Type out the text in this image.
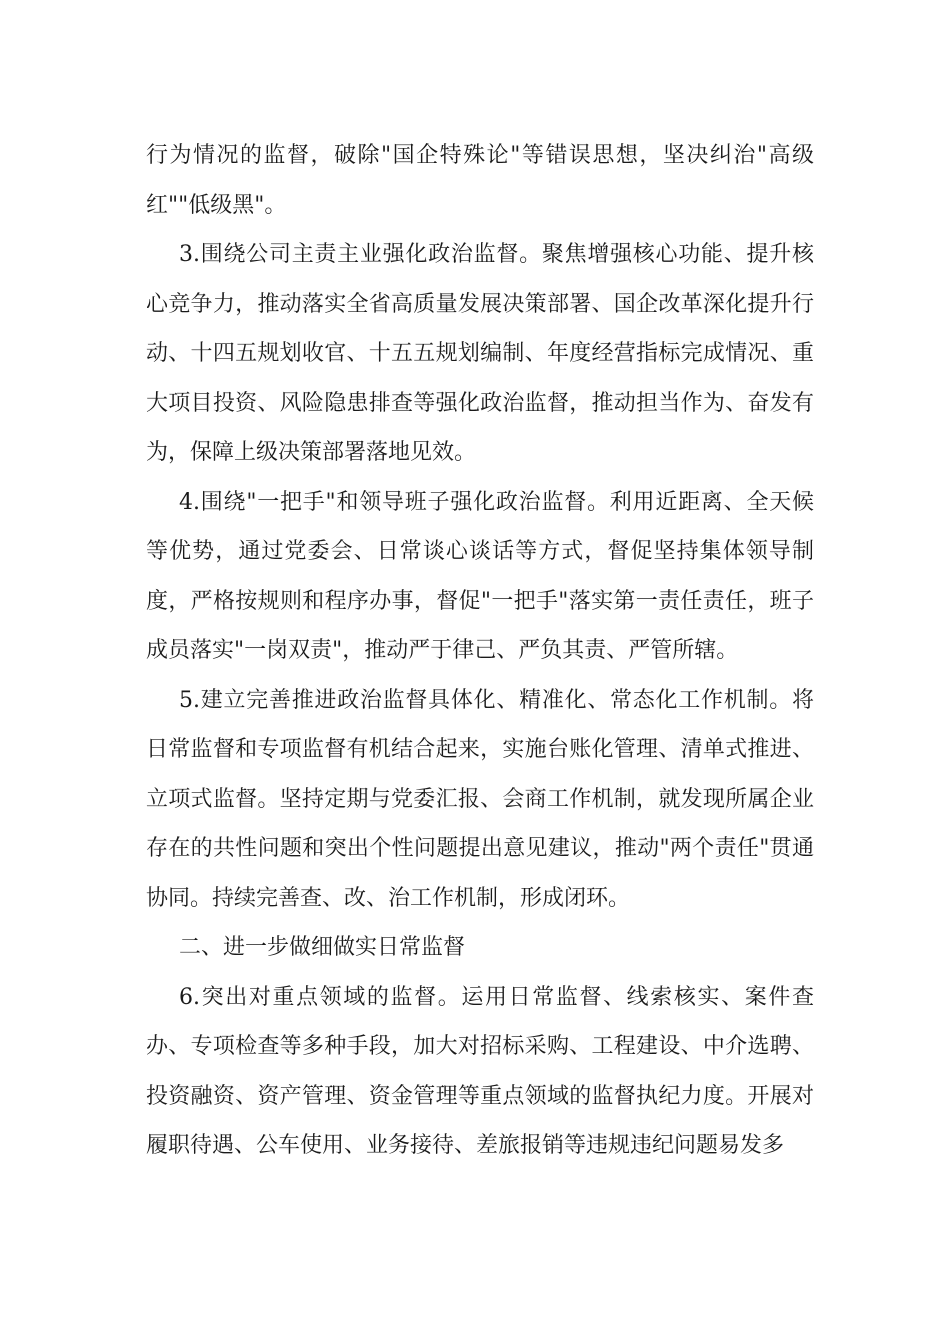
行为情况的监督，破除"国企特殊论"等错误思想，坚决纠治"高级红""低级黑"。

3.围绕公司主责主业强化政治监督。聚焦增强核心功能、提升核心竞争力，推动落实全省高质量发展决策部署、国企改革深化提升行动、十四五规划收官、十五五规划编制、年度经营指标完成情况、重大项目投资、风险隐患排查等强化政治监督，推动担当作为、奋发有为，保障上级决策部署落地见效。

4.围绕"一把手"和领导班子强化政治监督。利用近距离、全天候等优势，通过党委会、日常谈心谈话等方式，督促坚持集体领导制度，严格按规则和程序办事，督促"一把手"落实第一责任责任，班子成员落实"一岗双责"，推动严于律己、严负其责、严管所辖。

5.建立完善推进政治监督具体化、精准化、常态化工作机制。将日常监督和专项监督有机结合起来，实施台账化管理、清单式推进、立项式监督。坚持定期与党委汇报、会商工作机制，就发现所属企业存在的共性问题和突出个性问题提出意见建议，推动"两个责任"贯通协同。持续完善查、改、治工作机制，形成闭环。

二、进一步做细做实日常监督

6.突出对重点领域的监督。运用日常监督、线索核实、案件查办、专项检查等多种手段，加大对招标采购、工程建设、中介选聘、投资融资、资产管理、资金管理等重点领域的监督执纪力度。开展对履职待遇、公车使用、业务接待、差旅报销等违规违纪问题易发多
